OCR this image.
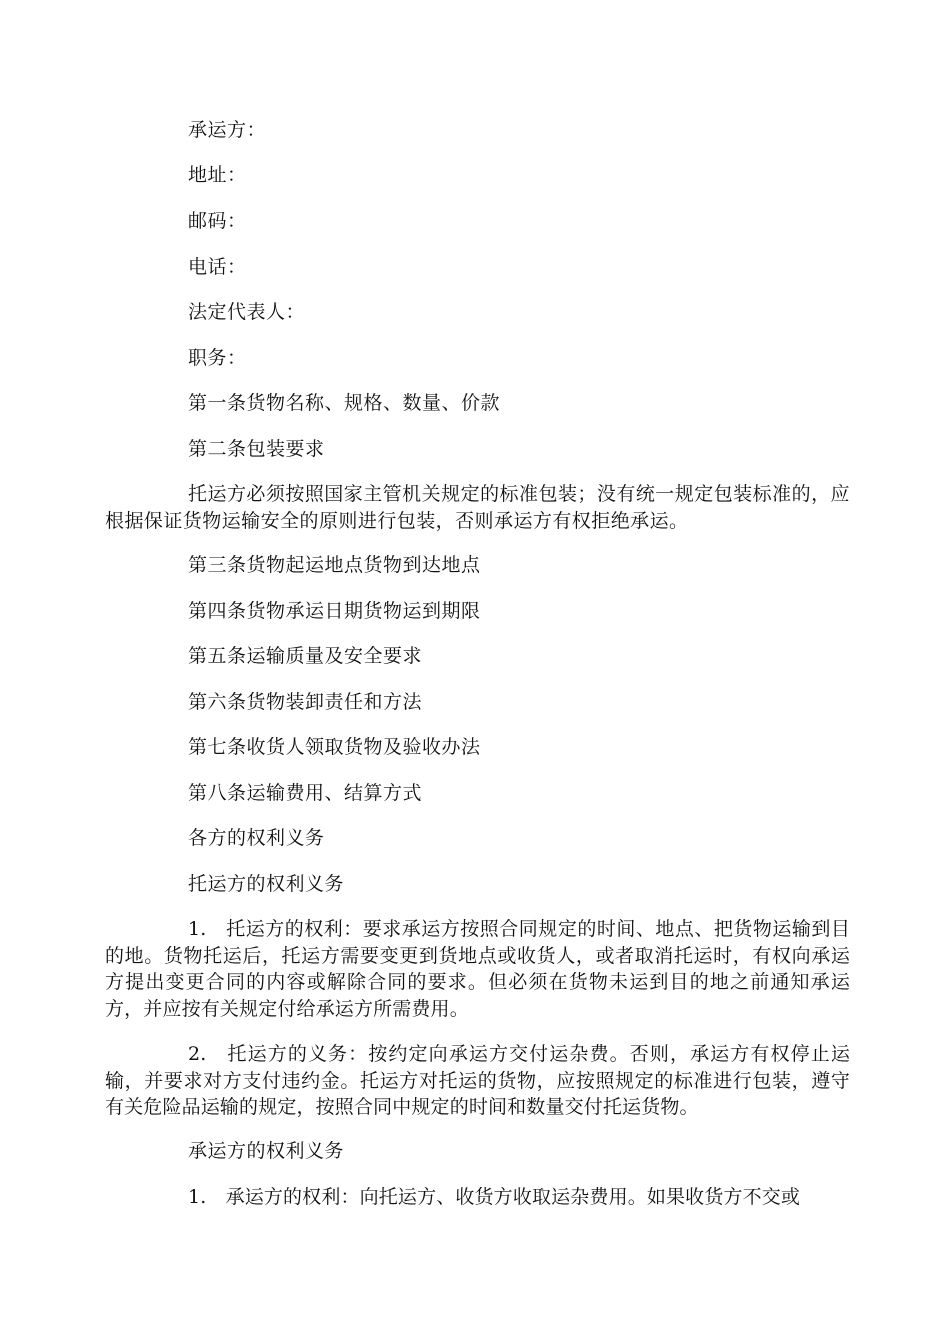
承运方：
地址：
邮码：
电话：
法定代表人：
职务：
第一条货物名称、规格、数量、价款
第二条包装要求
托运方必须按照国家主管机关规定的标准包装；没有统一规定包装标准的，应根据保证货物运输安全的原则进行包装，否则承运方有权拒绝承运。
第三条货物起运地点货物到达地点
第四条货物承运日期货物运到期限
第五条运输质量及安全要求
第六条货物装卸责任和方法
第七条收货人领取货物及验收办法
第八条运输费用、结算方式
各方的权利义务
托运方的权利义务
1.　托运方的权利：要求承运方按照合同规定的时间、地点、把货物运输到目的地。货物托运后，托运方需要变更到货地点或收货人，或者取消托运时，有权向承运方提出变更合同的内容或解除合同的要求。但必须在货物未运到目的地之前通知承运方，并应按有关规定付给承运方所需费用。
2.　托运方的义务：按约定向承运方交付运杂费。否则，承运方有权停止运输，并要求对方支付违约金。托运方对托运的货物，应按照规定的标准进行包装，遵守有关危险品运输的规定，按照合同中规定的时间和数量交付托运货物。
承运方的权利义务
1.　承运方的权利：向托运方、收货方收取运杂费用。如果收货方不交或
